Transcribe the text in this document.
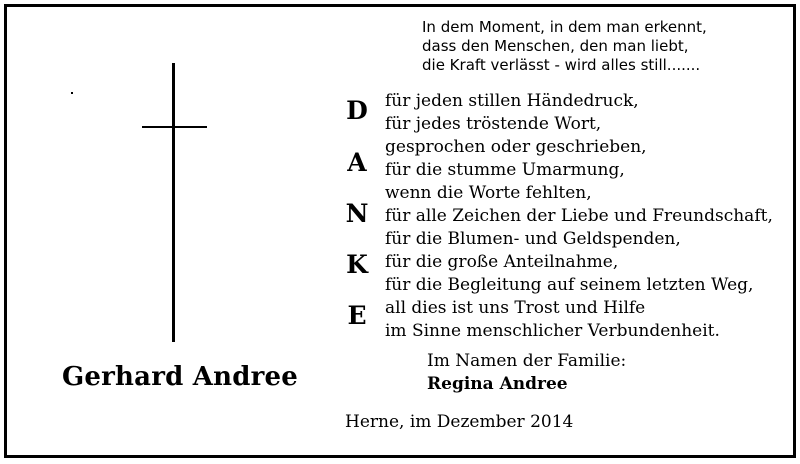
Gerhard Andree
In dem Moment, in dem man erkennt,
dass den Menschen, den man liebt,
die Kraft verlässt - wird alles still.......
D
A
N
K
E
für jeden stillen Händedruck,
für jedes tröstende Wort,
gesprochen oder geschrieben,
für die stumme Umarmung,
wenn die Worte fehlten,
für alle Zeichen der Liebe und Freundschaft,
für die Blumen- und Geldspenden,
für die große Anteilnahme,
für die Begleitung auf seinem letzten Weg,
all dies ist uns Trost und Hilfe
im Sinne menschlicher Verbundenheit.
Im Namen der Familie:
Regina Andree
Herne, im Dezember 2014
